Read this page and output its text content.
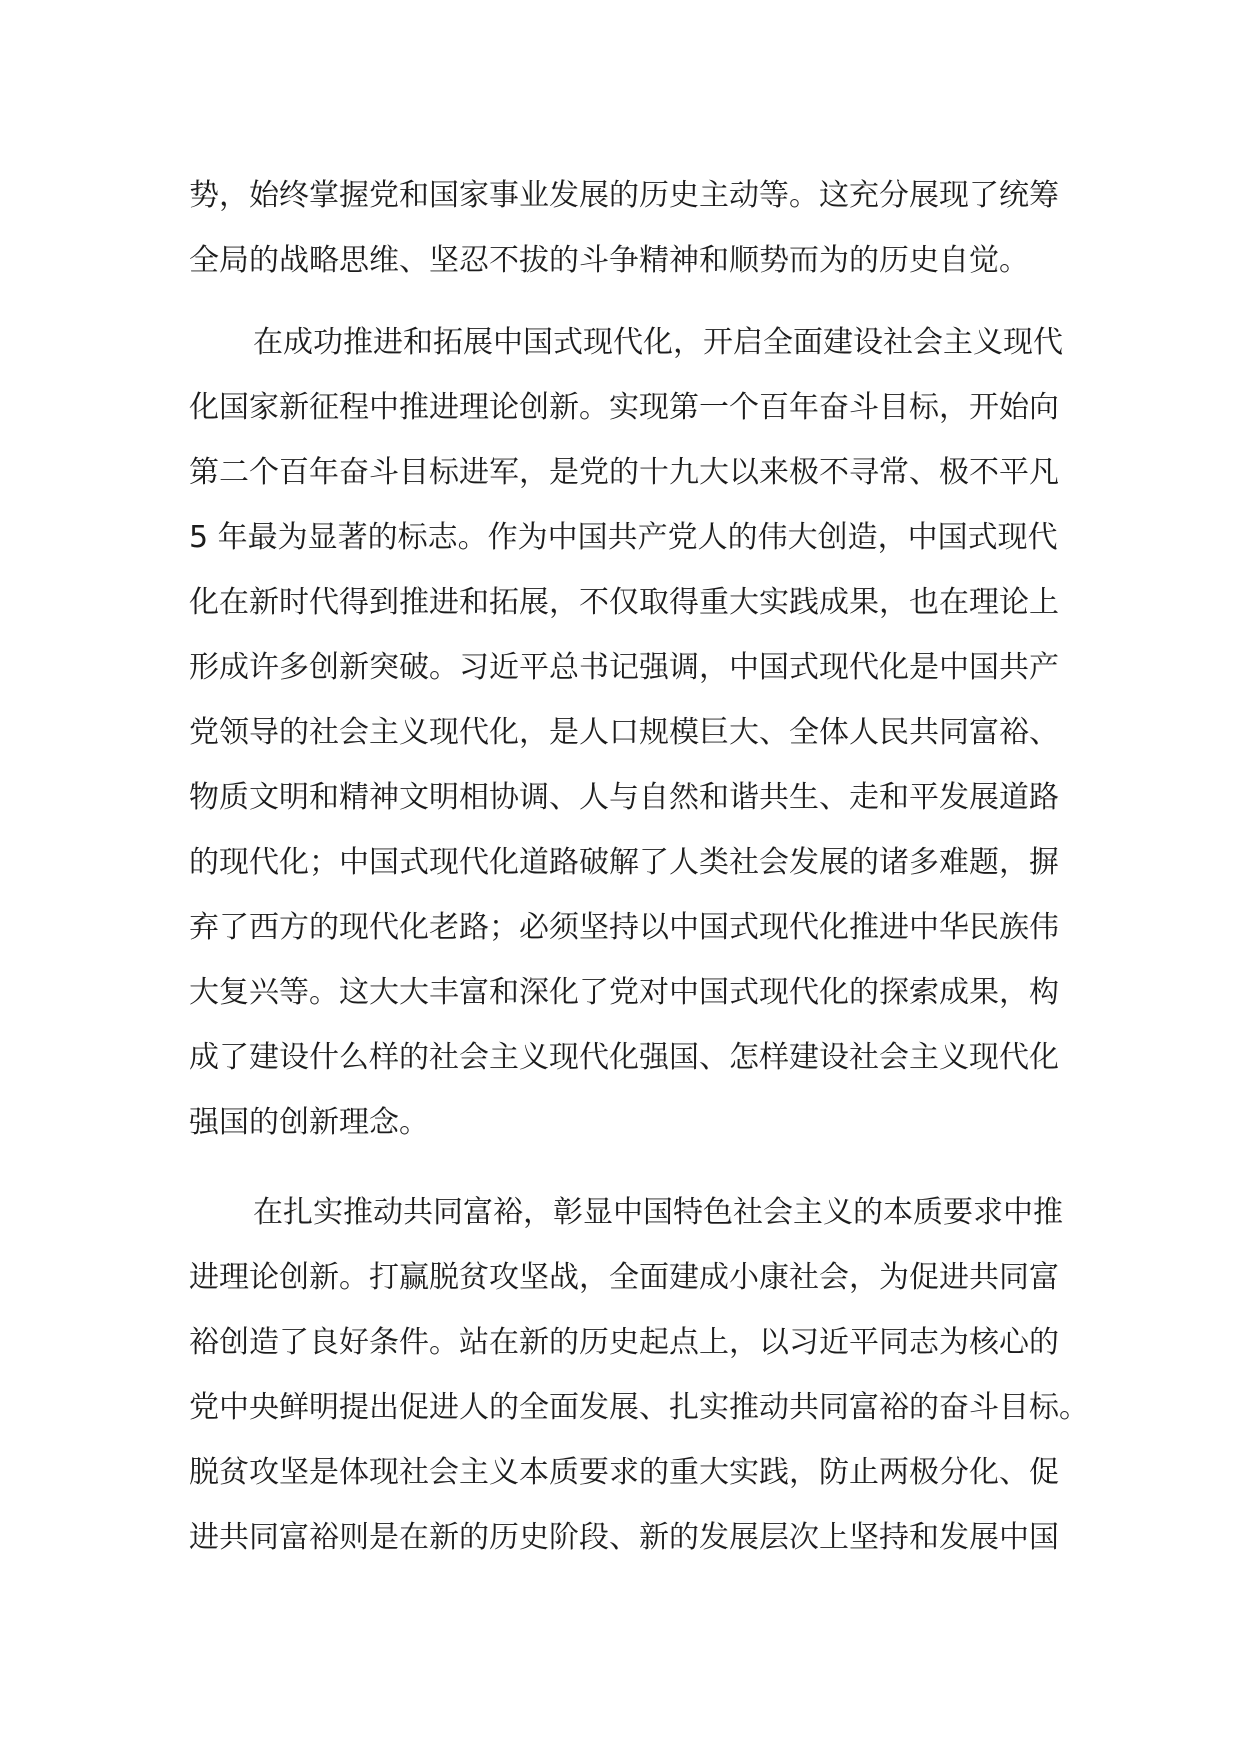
势，始终掌握党和国家事业发展的历史主动等。这充分展现了统筹
全局的战略思维、坚忍不拔的斗争精神和顺势而为的历史自觉。
在成功推进和拓展中国式现代化，开启全面建设社会主义现代
化国家新征程中推进理论创新。实现第一个百年奋斗目标，开始向
第二个百年奋斗目标进军，是党的十九大以来极不寻常、极不平凡
5 年最为显著的标志。作为中国共产党人的伟大创造，中国式现代
化在新时代得到推进和拓展，不仅取得重大实践成果，也在理论上
形成许多创新突破。习近平总书记强调，中国式现代化是中国共产
党领导的社会主义现代化，是人口规模巨大、全体人民共同富裕、
物质文明和精神文明相协调、人与自然和谐共生、走和平发展道路
的现代化；中国式现代化道路破解了人类社会发展的诸多难题，摒
弃了西方的现代化老路；必须坚持以中国式现代化推进中华民族伟
大复兴等。这大大丰富和深化了党对中国式现代化的探索成果，构
成了建设什么样的社会主义现代化强国、怎样建设社会主义现代化
强国的创新理念。
在扎实推动共同富裕，彰显中国特色社会主义的本质要求中推
进理论创新。打赢脱贫攻坚战，全面建成小康社会，为促进共同富
裕创造了良好条件。站在新的历史起点上，以习近平同志为核心的
党中央鲜明提出促进人的全面发展、扎实推动共同富裕的奋斗目标。
脱贫攻坚是体现社会主义本质要求的重大实践，防止两极分化、促
进共同富裕则是在新的历史阶段、新的发展层次上坚持和发展中国
